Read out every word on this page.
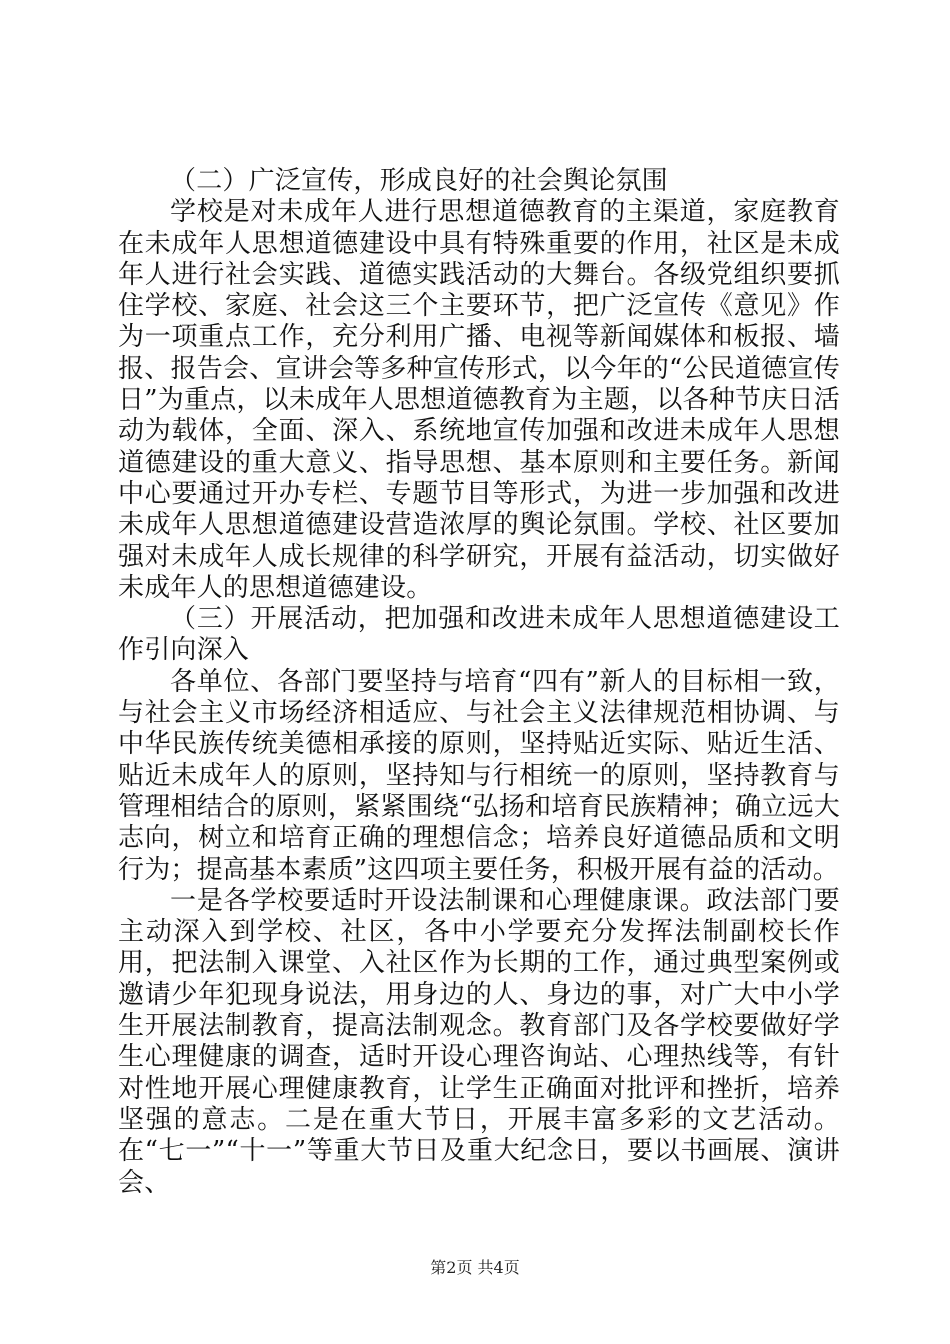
（二）广泛宣传，形成良好的社会舆论氛围

学校是对未成年人进行思想道德教育的主渠道，家庭教育在未成年人思想道德建设中具有特殊重要的作用，社区是未成年人进行社会实践、道德实践活动的大舞台。各级党组织要抓住学校、家庭、社会这三个主要环节，把广泛宣传《意见》作为一项重点工作，充分利用广播、电视等新闻媒体和板报、墙报、报告会、宣讲会等多种宣传形式，以今年的“公民道德宣传日”为重点，以未成年人思想道德教育为主题，以各种节庆日活动为载体，全面、深入、系统地宣传加强和改进未成年人思想道德建设的重大意义、指导思想、基本原则和主要任务。新闻中心要通过开办专栏、专题节目等形式，为进一步加强和改进未成年人思想道德建设营造浓厚的舆论氛围。学校、社区要加强对未成年人成长规律的科学研究，开展有益活动，切实做好未成年人的思想道德建设。

（三）开展活动，把加强和改进未成年人思想道德建设工作引向深入

各单位、各部门要坚持与培育“四有”新人的目标相一致，与社会主义市场经济相适应、与社会主义法律规范相协调、与中华民族传统美德相承接的原则，坚持贴近实际、贴近生活、贴近未成年人的原则，坚持知与行相统一的原则，坚持教育与管理相结合的原则，紧紧围绕“弘扬和培育民族精神；确立远大志向，树立和培育正确的理想信念；培养良好道德品质和文明行为；提高基本素质”这四项主要任务，积极开展有益的活动。

一是各学校要适时开设法制课和心理健康课。政法部门要主动深入到学校、社区，各中小学要充分发挥法制副校长作用，把法制入课堂、入社区作为长期的工作，通过典型案例或邀请少年犯现身说法，用身边的人、身边的事，对广大中小学生开展法制教育，提高法制观念。教育部门及各学校要做好学生心理健康的调查，适时开设心理咨询站、心理热线等，有针对性地开展心理健康教育，让学生正确面对批评和挫折，培养坚强的意志。二是在重大节日，开展丰富多彩的文艺活动。在“七一”“十一”等重大节日及重大纪念日，要以书画展、演讲会、

第2页 共4页
